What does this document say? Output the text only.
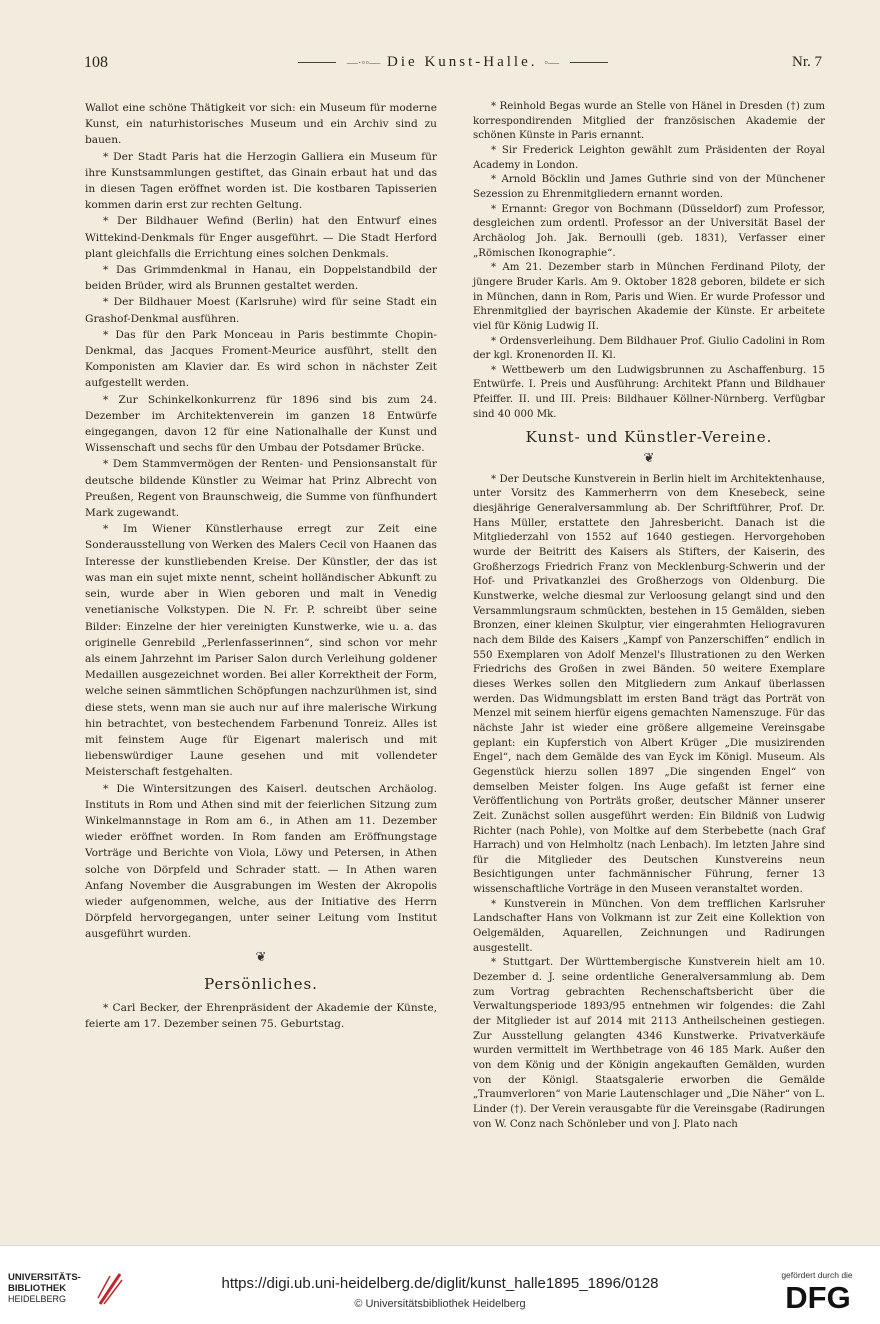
108	—·◦◦— Die Kunst-Halle. ◦—	Nr. 7

Wallot eine schöne Thätigkeit vor sich: ein Museum für moderne Kunst, ein naturhistorisches Museum und ein Archiv sind zu bauen.

* Der Stadt Paris hat die Herzogin Galliera ein Museum für ihre Kunstsammlungen gestiftet, das Ginain erbaut hat und das in diesen Tagen eröffnet worden ist. Die kostbaren Tapisserien kommen darin erst zur rechten Geltung.

* Der Bildhauer Wefind (Berlin) hat den Entwurf eines Wittekind-Denkmals für Enger ausgeführt. — Die Stadt Herford plant gleichfalls die Errichtung eines solchen Denkmals.

* Das Grimmdenkmal in Hanau, ein Doppelstandbild der beiden Brüder, wird als Brunnen gestaltet werden.

* Der Bildhauer Moest (Karlsruhe) wird für seine Stadt ein Grashof-Denkmal ausführen.

* Das für den Park Monceau in Paris bestimmte Chopin-Denkmal, das Jacques Froment-Meurice ausführt, stellt den Komponisten am Klavier dar. Es wird schon in nächster Zeit aufgestellt werden.

* Zur Schinkelkonkurrenz für 1896 sind bis zum 24. Dezember im Architektenverein im ganzen 18 Entwürfe eingegangen, davon 12 für eine Nationalhalle der Kunst und Wissenschaft und sechs für den Umbau der Potsdamer Brücke.

* Dem Stammvermögen der Renten- und Pensionsanstalt für deutsche bildende Künstler zu Weimar hat Prinz Albrecht von Preußen, Regent von Braunschweig, die Summe von fünfhundert Mark zugewandt.

* Im Wiener Künstlerhause erregt zur Zeit eine Sonderausstellung von Werken des Malers Cecil von Haanen das Interesse der kunstliebenden Kreise. Der Künstler, der das ist was man ein sujet mixte nennt, scheint holländischer Abkunft zu sein, wurde aber in Wien geboren und malt in Venedig venetianische Volkstypen. Die N. Fr. P. schreibt über seine Bilder: Einzelne der hier vereinigten Kunstwerke, wie u. a. das originelle Genrebild „Perlenfasserinnen“, sind schon vor mehr als einem Jahrzehnt im Pariser Salon durch Verleihung goldener Medaillen ausgezeichnet worden. Bei aller Korrektheit der Form, welche seinen sämmtlichen Schöpfungen nachzurühmen ist, sind diese stets, wenn man sie auch nur auf ihre malerische Wirkung hin betrachtet, von bestechendem Farbenund Tonreiz. Alles ist mit feinstem Auge für Eigenart malerisch und mit liebenswürdiger Laune gesehen und mit vollendeter Meisterschaft festgehalten.

* Die Wintersitzungen des Kaiserl. deutschen Archäolog. Instituts in Rom und Athen sind mit der feierlichen Sitzung zum Winkelmannstage in Rom am 6., in Athen am 11. Dezember wieder eröffnet worden. In Rom fanden am Eröffnungstage Vorträge und Berichte von Viola, Löwy und Petersen, in Athen solche von Dörpfeld und Schrader statt. — In Athen waren Anfang November die Ausgrabungen im Westen der Akropolis wieder aufgenommen, welche, aus der Initiative des Herrn Dörpfeld hervorgegangen, unter seiner Leitung vom Institut ausgeführt wurden.

❦
Persönliches.

* Carl Becker, der Ehrenpräsident der Akademie der Künste, feierte am 17. Dezember seinen 75. Geburtstag.

* Reinhold Begas wurde an Stelle von Hänel in Dresden (†) zum korrespondirenden Mitglied der französischen Akademie der schönen Künste in Paris ernannt.

* Sir Frederick Leighton gewählt zum Präsidenten der Royal Academy in London.

* Arnold Böcklin und James Guthrie sind von der Münchener Sezession zu Ehrenmitgliedern ernannt worden.

* Ernannt: Gregor von Bochmann (Düsseldorf) zum Professor, desgleichen zum ordentl. Professor an der Universität Basel der Archäolog Joh. Jak. Bernoulli (geb. 1831), Verfasser einer „Römischen Ikonographie“.

* Am 21. Dezember starb in München Ferdinand Piloty, der jüngere Bruder Karls. Am 9. Oktober 1828 geboren, bildete er sich in München, dann in Rom, Paris und Wien. Er wurde Professor und Ehrenmitglied der bayrischen Akademie der Künste. Er arbeitete viel für König Ludwig II.

* Ordensverleihung. Dem Bildhauer Prof. Giulio Cadolini in Rom der kgl. Kronenorden II. Kl.

* Wettbewerb um den Ludwigsbrunnen zu Aschaffenburg. 15 Entwürfe. I. Preis und Ausführung: Architekt Pfann und Bildhauer Pfeiffer. II. und III. Preis: Bildhauer Köllner-Nürnberg. Verfügbar sind 40 000 Mk.

Kunst- und Künstler-Vereine.
❦

* Der Deutsche Kunstverein in Berlin hielt im Architektenhause, unter Vorsitz des Kammerherrn von dem Knesebeck, seine diesjährige Generalversammlung ab. Der Schriftführer, Prof. Dr. Hans Müller, erstattete den Jahresbericht. Danach ist die Mitgliederzahl von 1552 auf 1640 gestiegen. Hervorgehoben wurde der Beitritt des Kaisers als Stifters, der Kaiserin, des Großherzogs Friedrich Franz von Mecklenburg-Schwerin und der Hof- und Privatkanzlei des Großherzogs von Oldenburg. Die Kunstwerke, welche diesmal zur Verloosung gelangt sind und den Versammlungsraum schmückten, bestehen in 15 Gemälden, sieben Bronzen, einer kleinen Skulptur, vier eingerahmten Heliogravuren nach dem Bilde des Kaisers „Kampf von Panzerschiffen“ endlich in 550 Exemplaren von Adolf Menzel's Illustrationen zu den Werken Friedrichs des Großen in zwei Bänden. 50 weitere Exemplare dieses Werkes sollen den Mitgliedern zum Ankauf überlassen werden. Das Widmungsblatt im ersten Band trägt das Porträt von Menzel mit seinem hierfür eigens gemachten Namenszuge. Für das nächste Jahr ist wieder eine größere allgemeine Vereinsgabe geplant: ein Kupferstich von Albert Krüger „Die musizirenden Engel“, nach dem Gemälde des van Eyck im Königl. Museum. Als Gegenstück hierzu sollen 1897 „Die singenden Engel“ von demselben Meister folgen. Ins Auge gefaßt ist ferner eine Veröffentlichung von Porträts großer, deutscher Männer unserer Zeit. Zunächst sollen ausgeführt werden: Ein Bildniß von Ludwig Richter (nach Pohle), von Moltke auf dem Sterbebette (nach Graf Harrach) und von Helmholtz (nach Lenbach). Im letzten Jahre sind für die Mitglieder des Deutschen Kunstvereins neun Besichtigungen unter fachmännischer Führung, ferner 13 wissenschaftliche Vorträge in den Museen veranstaltet worden.

* Kunstverein in München. Von dem trefflichen Karlsruher Landschafter Hans von Volkmann ist zur Zeit eine Kollektion von Oelgemälden, Aquarellen, Zeichnungen und Radirungen ausgestellt.

* Stuttgart. Der Württembergische Kunstverein hielt am 10. Dezember d. J. seine ordentliche Generalversammlung ab. Dem zum Vortrag gebrachten Rechenschaftsbericht über die Verwaltungsperiode 1893/95 entnehmen wir folgendes: die Zahl der Mitglieder ist auf 2014 mit 2113 Antheilscheinen gestiegen. Zur Ausstellung gelangten 4346 Kunstwerke. Privatverkäufe wurden vermittelt im Werthbetrage von 46 185 Mark. Außer den von dem König und der Königin angekauften Gemälden, wurden von der Königl. Staatsgalerie erworben die Gemälde „Traumverloren“ von Marie Lautenschlager und „Die Näher“ von L. Linder (†). Der Verein verausgabte für die Vereinsgabe (Radirungen von W. Conz nach Schönleber und von J. Plato nach

UNIVERSITÄTS-
BIBLIOTHEK
HEIDELBERG
https://digi.ub.uni-heidelberg.de/diglit/kunst_halle1895_1896/0128
© Universitätsbibliothek Heidelberg
gefördert durch die
DFG
